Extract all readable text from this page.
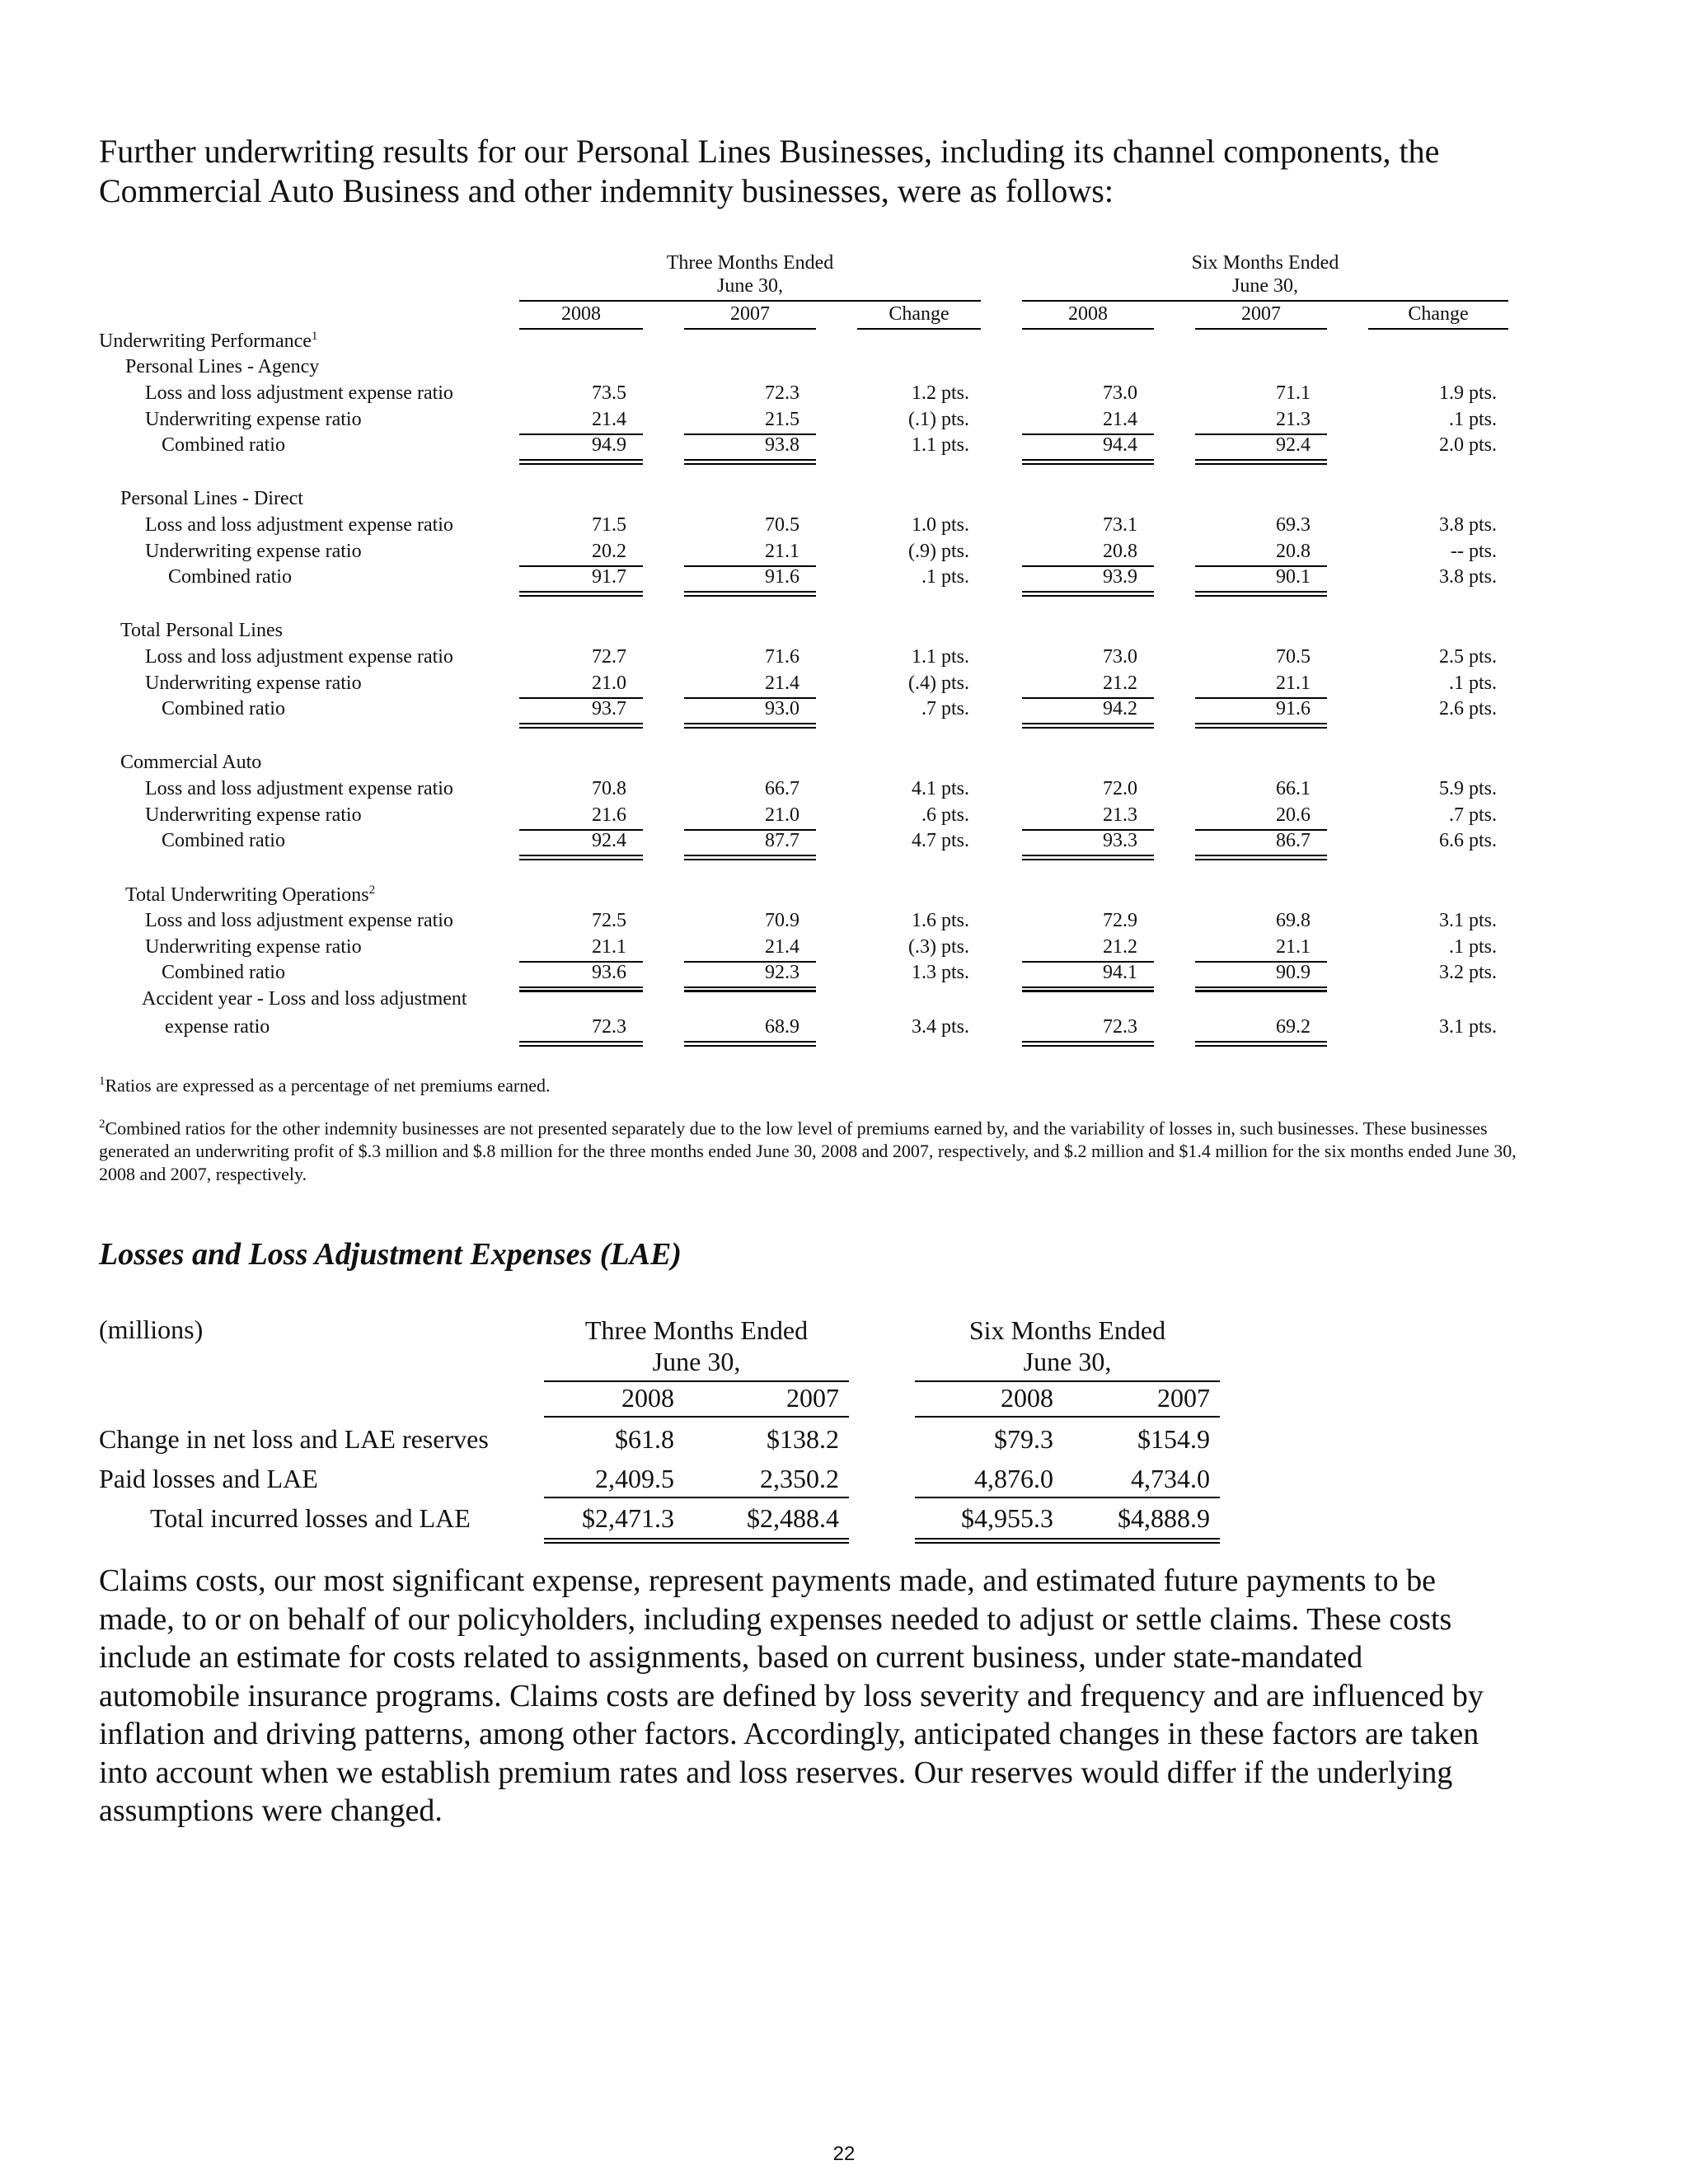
Further underwriting results for our Personal Lines Businesses, including its channel components, the Commercial Auto Business and other indemnity businesses, were as follows:

Three Months Ended
June 30,
Six Months Ended
June 30,
2008	2007	Change	2008	2007	Change
Underwriting Performance$^1$
Personal Lines - Agency
Loss and loss adjustment expense ratio	73.5	72.3	1.2 pts.	73.0	71.1	1.9 pts.
Underwriting expense ratio	21.4	21.5	(.1) pts.	21.4	21.3	.1 pts.
Combined ratio	94.9	93.8	1.1 pts.	94.4	92.4	2.0 pts.
Personal Lines - Direct
Loss and loss adjustment expense ratio	71.5	70.5	1.0 pts.	73.1	69.3	3.8 pts.
Underwriting expense ratio	20.2	21.1	(.9) pts.	20.8	20.8	-- pts.
Combined ratio	91.7	91.6	.1 pts.	93.9	90.1	3.8 pts.
Total Personal Lines
Loss and loss adjustment expense ratio	72.7	71.6	1.1 pts.	73.0	70.5	2.5 pts.
Underwriting expense ratio	21.0	21.4	(.4) pts.	21.2	21.1	.1 pts.
Combined ratio	93.7	93.0	.7 pts.	94.2	91.6	2.6 pts.
Commercial Auto
Loss and loss adjustment expense ratio	70.8	66.7	4.1 pts.	72.0	66.1	5.9 pts.
Underwriting expense ratio	21.6	21.0	.6 pts.	21.3	20.6	.7 pts.
Combined ratio	92.4	87.7	4.7 pts.	93.3	86.7	6.6 pts.
Total Underwriting Operations$^2$
Loss and loss adjustment expense ratio	72.5	70.9	1.6 pts.	72.9	69.8	3.1 pts.
Underwriting expense ratio	21.1	21.4	(.3) pts.	21.2	21.1	.1 pts.
Combined ratio	93.6	92.3	1.3 pts.	94.1	90.9	3.2 pts.
Accident year - Loss and loss adjustment
expense ratio	72.3	68.9	3.4 pts.	72.3	69.2	3.1 pts.
$^1$Ratios are expressed as a percentage of net premiums earned.
$^2$Combined ratios for the other indemnity businesses are not presented separately due to the low level of premiums earned by, and the variability of losses in, such businesses. These businesses generated an underwriting profit of $.3 million and $.8 million for the three months ended June 30, 2008 and 2007, respectively, and $.2 million and $1.4 million for the six months ended June 30, 2008 and 2007, respectively.
Losses and Loss Adjustment Expenses (LAE)
(millions)	Three Months Ended
June 30,
Six Months Ended
June 30,
2008	2007	2008	2007
Change in net loss and LAE reserves	$61.8	$138.2	$79.3	$154.9
Paid losses and LAE	2,409.5	2,350.2	4,876.0	4,734.0
Total incurred losses and LAE	$2,471.3	$2,488.4	$4,955.3	$4,888.9

Claims costs, our most significant expense, represent payments made, and estimated future payments to be made, to or on behalf of our policyholders, including expenses needed to adjust or settle claims. These costs include an estimate for costs related to assignments, based on current business, under state-mandated automobile insurance programs. Claims costs are defined by loss severity and frequency and are influenced by inflation and driving patterns, among other factors. Accordingly, anticipated changes in these factors are taken into account when we establish premium rates and loss reserves. Our reserves would differ if the underlying assumptions were changed.

22
